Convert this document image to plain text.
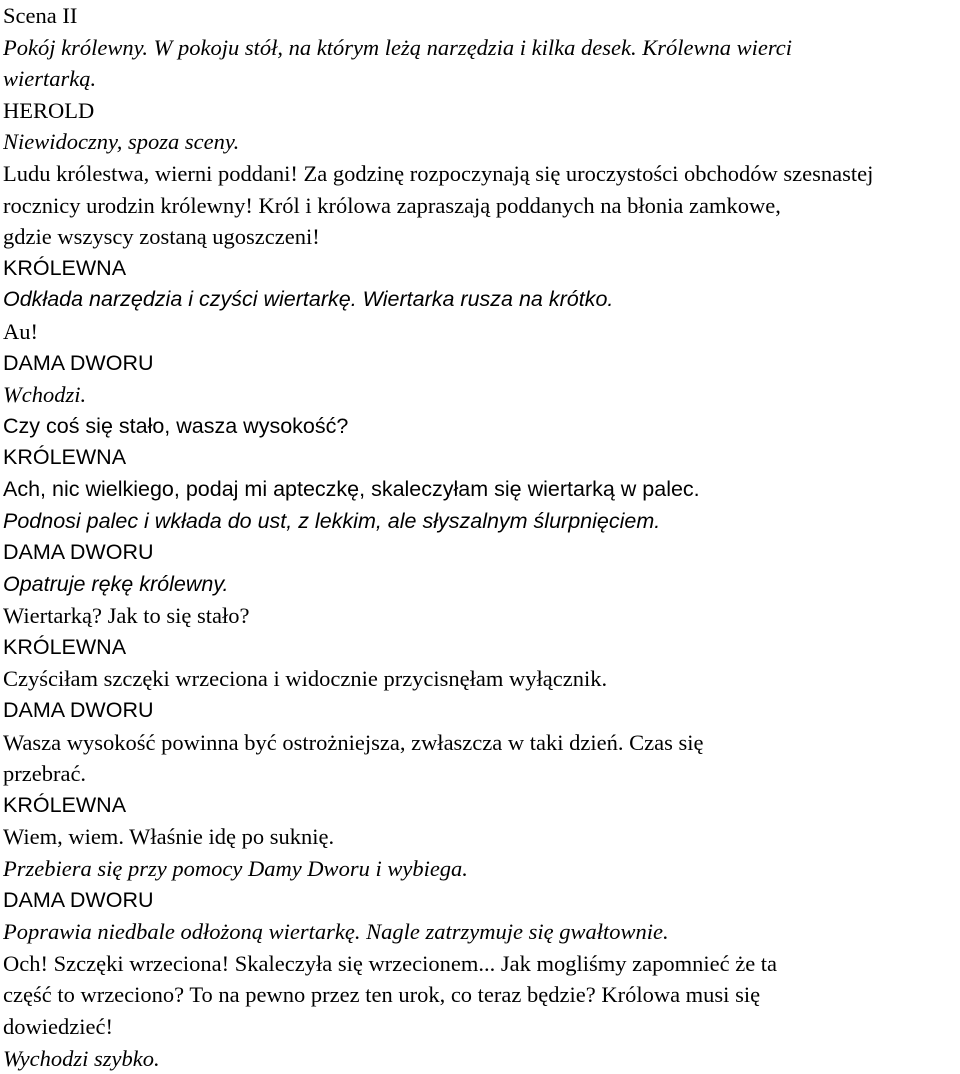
Scena II

Pokój królewny. W pokoju stół, na którym leżą narzędzia i kilka desek. Królewna wierci
wiertarką.

HEROLD

Niewidoczny, spoza sceny.

Ludu królestwa, wierni poddani! Za godzinę rozpoczynają się uroczystości obchodów szesnastej
rocznicy urodzin królewny! Król i królowa zapraszają poddanych na błonia zamkowe,
gdzie wszyscy zostaną ugoszczeni!

KRÓLEWNA

Odkłada narzędzia i czyści wiertarkę. Wiertarka rusza na krótko.

Au!

DAMA DWORU

Wchodzi.

Czy coś się stało, wasza wysokość?

KRÓLEWNA

Ach, nic wielkiego, podaj mi apteczkę, skaleczyłam się wiertarką w palec.

Podnosi palec i wkłada do ust, z lekkim, ale słyszalnym ślurpnięciem.

DAMA DWORU

Opatruje rękę królewny.

Wiertarką? Jak to się stało?

KRÓLEWNA

Czyściłam szczęki wrzeciona i widocznie przycisnęłam wyłącznik.

DAMA DWORU

Wasza wysokość powinna być ostrożniejsza, zwłaszcza w taki dzień. Czas się
przebrać.

KRÓLEWNA

Wiem, wiem. Właśnie idę po suknię.

Przebiera się przy pomocy Damy Dworu i wybiega.

DAMA DWORU

Poprawia niedbale odłożoną wiertarkę. Nagle zatrzymuje się gwałtownie.

Och! Szczęki wrzeciona! Skaleczyła się wrzecionem... Jak mogliśmy zapomnieć że ta
część to wrzeciono? To na pewno przez ten urok, co teraz będzie? Królowa musi się
dowiedzieć!

Wychodzi szybko.
